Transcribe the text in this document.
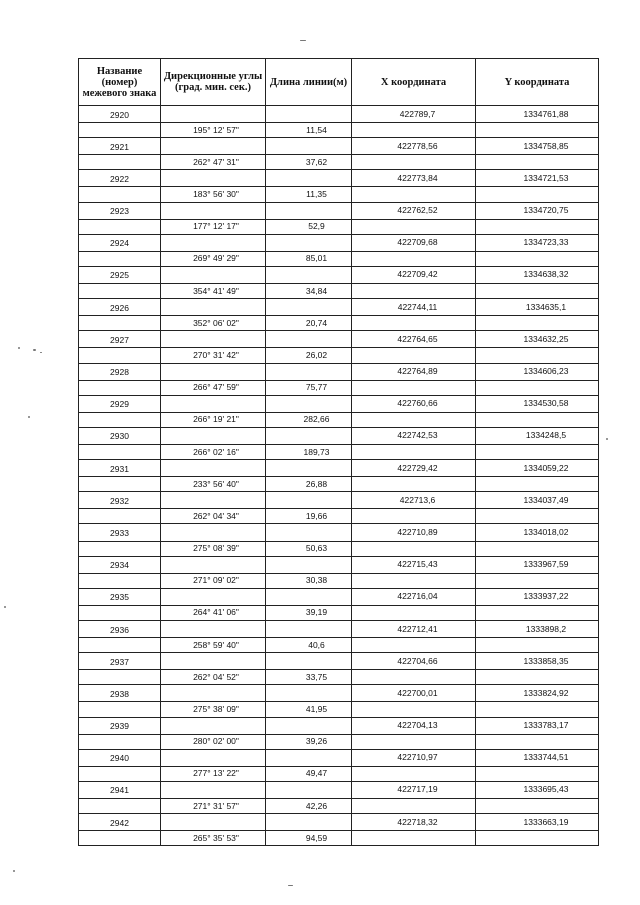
Название (номер) межевого знака	Дирекционные углы (град. мин. сек.)	Длина линии(м)	X координата	Y координата
2920			422789,7	1334761,88
	195° 12' 57"	11,54		
2921			422778,56	1334758,85
	262° 47' 31"	37,62		
2922			422773,84	1334721,53
	183° 56' 30"	11,35		
2923			422762,52	1334720,75
	177° 12' 17"	52,9		
2924			422709,68	1334723,33
	269° 49' 29"	85,01		
2925			422709,42	1334638,32
	354° 41' 49"	34,84		
2926			422744,11	1334635,1
	352° 06' 02"	20,74		
2927			422764,65	1334632,25
	270° 31' 42"	26,02		
2928			422764,89	1334606,23
	266° 47' 59"	75,77		
2929			422760,66	1334530,58
	266° 19' 21"	282,66		
2930			422742,53	1334248,5
	266° 02' 16"	189,73		
2931			422729,42	1334059,22
	233° 56' 40"	26,88		
2932			422713,6	1334037,49
	262° 04' 34"	19,66		
2933			422710,89	1334018,02
	275° 08' 39"	50,63		
2934			422715,43	1333967,59
	271° 09' 02"	30,38		
2935			422716,04	1333937,22
	264° 41' 06"	39,19		
2936			422712,41	1333898,2
	258° 59' 40"	40,6		
2937			422704,66	1333858,35
	262° 04' 52"	33,75		
2938			422700,01	1333824,92
	275° 38' 09"	41,95		
2939			422704,13	1333783,17
	280° 02' 00"	39,26		
2940			422710,97	1333744,51
	277° 13' 22"	49,47		
2941			422717,19	1333695,43
	271° 31' 57"	42,26		
2942			422718,32	1333663,19
	265° 35' 53"	94,59		
